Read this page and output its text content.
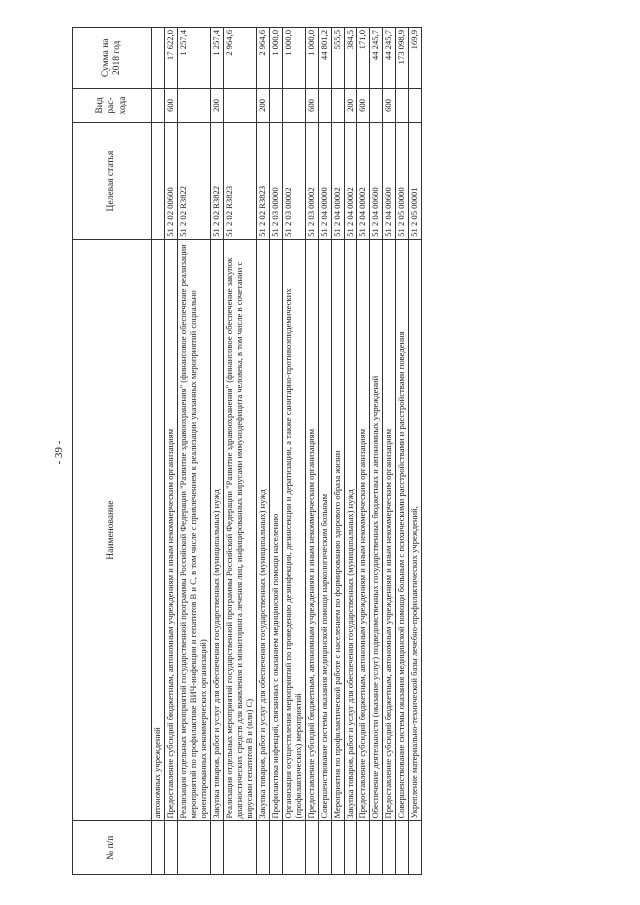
- 39 -
№ п/п	Наименование	Целевая статья	Вид рас-хода	Сумма на 2018 год
	автономных учреждений			
	Предоставление субсидий бюджетным, автономным учреждениям и иным некоммерческим организациям	51 2 02 00600	600	17 622,0
	Реализация отдельных мероприятий государственной программы Российской Федерации "Развитие здравоохранения" (финансовое обеспечение реализации мероприятий по профилактике ВИЧ-инфекции и гепатитов В и С, в том числе с привлечением к реализации указанных мероприятий социально ориентированных некоммерческих организаций)	51 2 02 R3822		1 257,4
	Закупка товаров, работ и услуг для обеспечения государственных (муниципальных) нужд	51 2 02 R3822	200	1 257,4
	Реализация отдельных мероприятий государственной программы Российской Федерации "Развитие здравоохранения" (финансовое обеспечение закупок диагностических средств для выявления и мониторинга лечения лиц, инфицированных вирусами иммунодефицита человека, в том числе в сочетании с вирусами гепатитов В и (или) С)	51 2 02 R3823		2 964,6
	Закупка товаров, работ и услуг для обеспечения государственных (муниципальных) нужд	51 2 02 R3823	200	2 964,6
	Профилактика инфекций, связанных с оказанием медицинской помощи населению	51 2 03 00000		1 000,0
	Организация осуществления мероприятий по проведению дезинфекции, дезинсекции и дератизации, а также санитарно-противоэпидемических (профилактических) мероприятий	51 2 03 00002		1 000,0
	Предоставление субсидий бюджетным, автономным учреждениям и иным некоммерческим организациям	51 2 03 00002	600	1 000,0
	Совершенствование системы оказания медицинской помощи наркологическим больным	51 2 04 00000		44 801,2
	Мероприятия по профилактической работе с населением по формированию здорового образа жизни	51 2 04 00002		555,5
	Закупка товаров, работ и услуг для обеспечения государственных (муниципальных) нужд	51 2 04 00002	200	384,5
	Предоставление субсидий бюджетным, автономным учреждениям и иным некоммерческим организациям	51 2 04 00002	600	171,0
	Обеспечение деятельности (оказание услуг) подведомственных государственных бюджетных и автономных учреждений	51 2 04 00600		44 245,7
	Предоставление субсидий бюджетным, автономным учреждениям и иным некоммерческим организациям	51 2 04 00600	600	44 245,7
	Совершенствование системы оказания медицинской помощи больным с психическими расстройствами и расстройствами поведения	51 2 05 00000		173 098,9
	Укрепление материально-технической базы лечебно-профилактических учреждений,	51 2 05 00001		169,9
